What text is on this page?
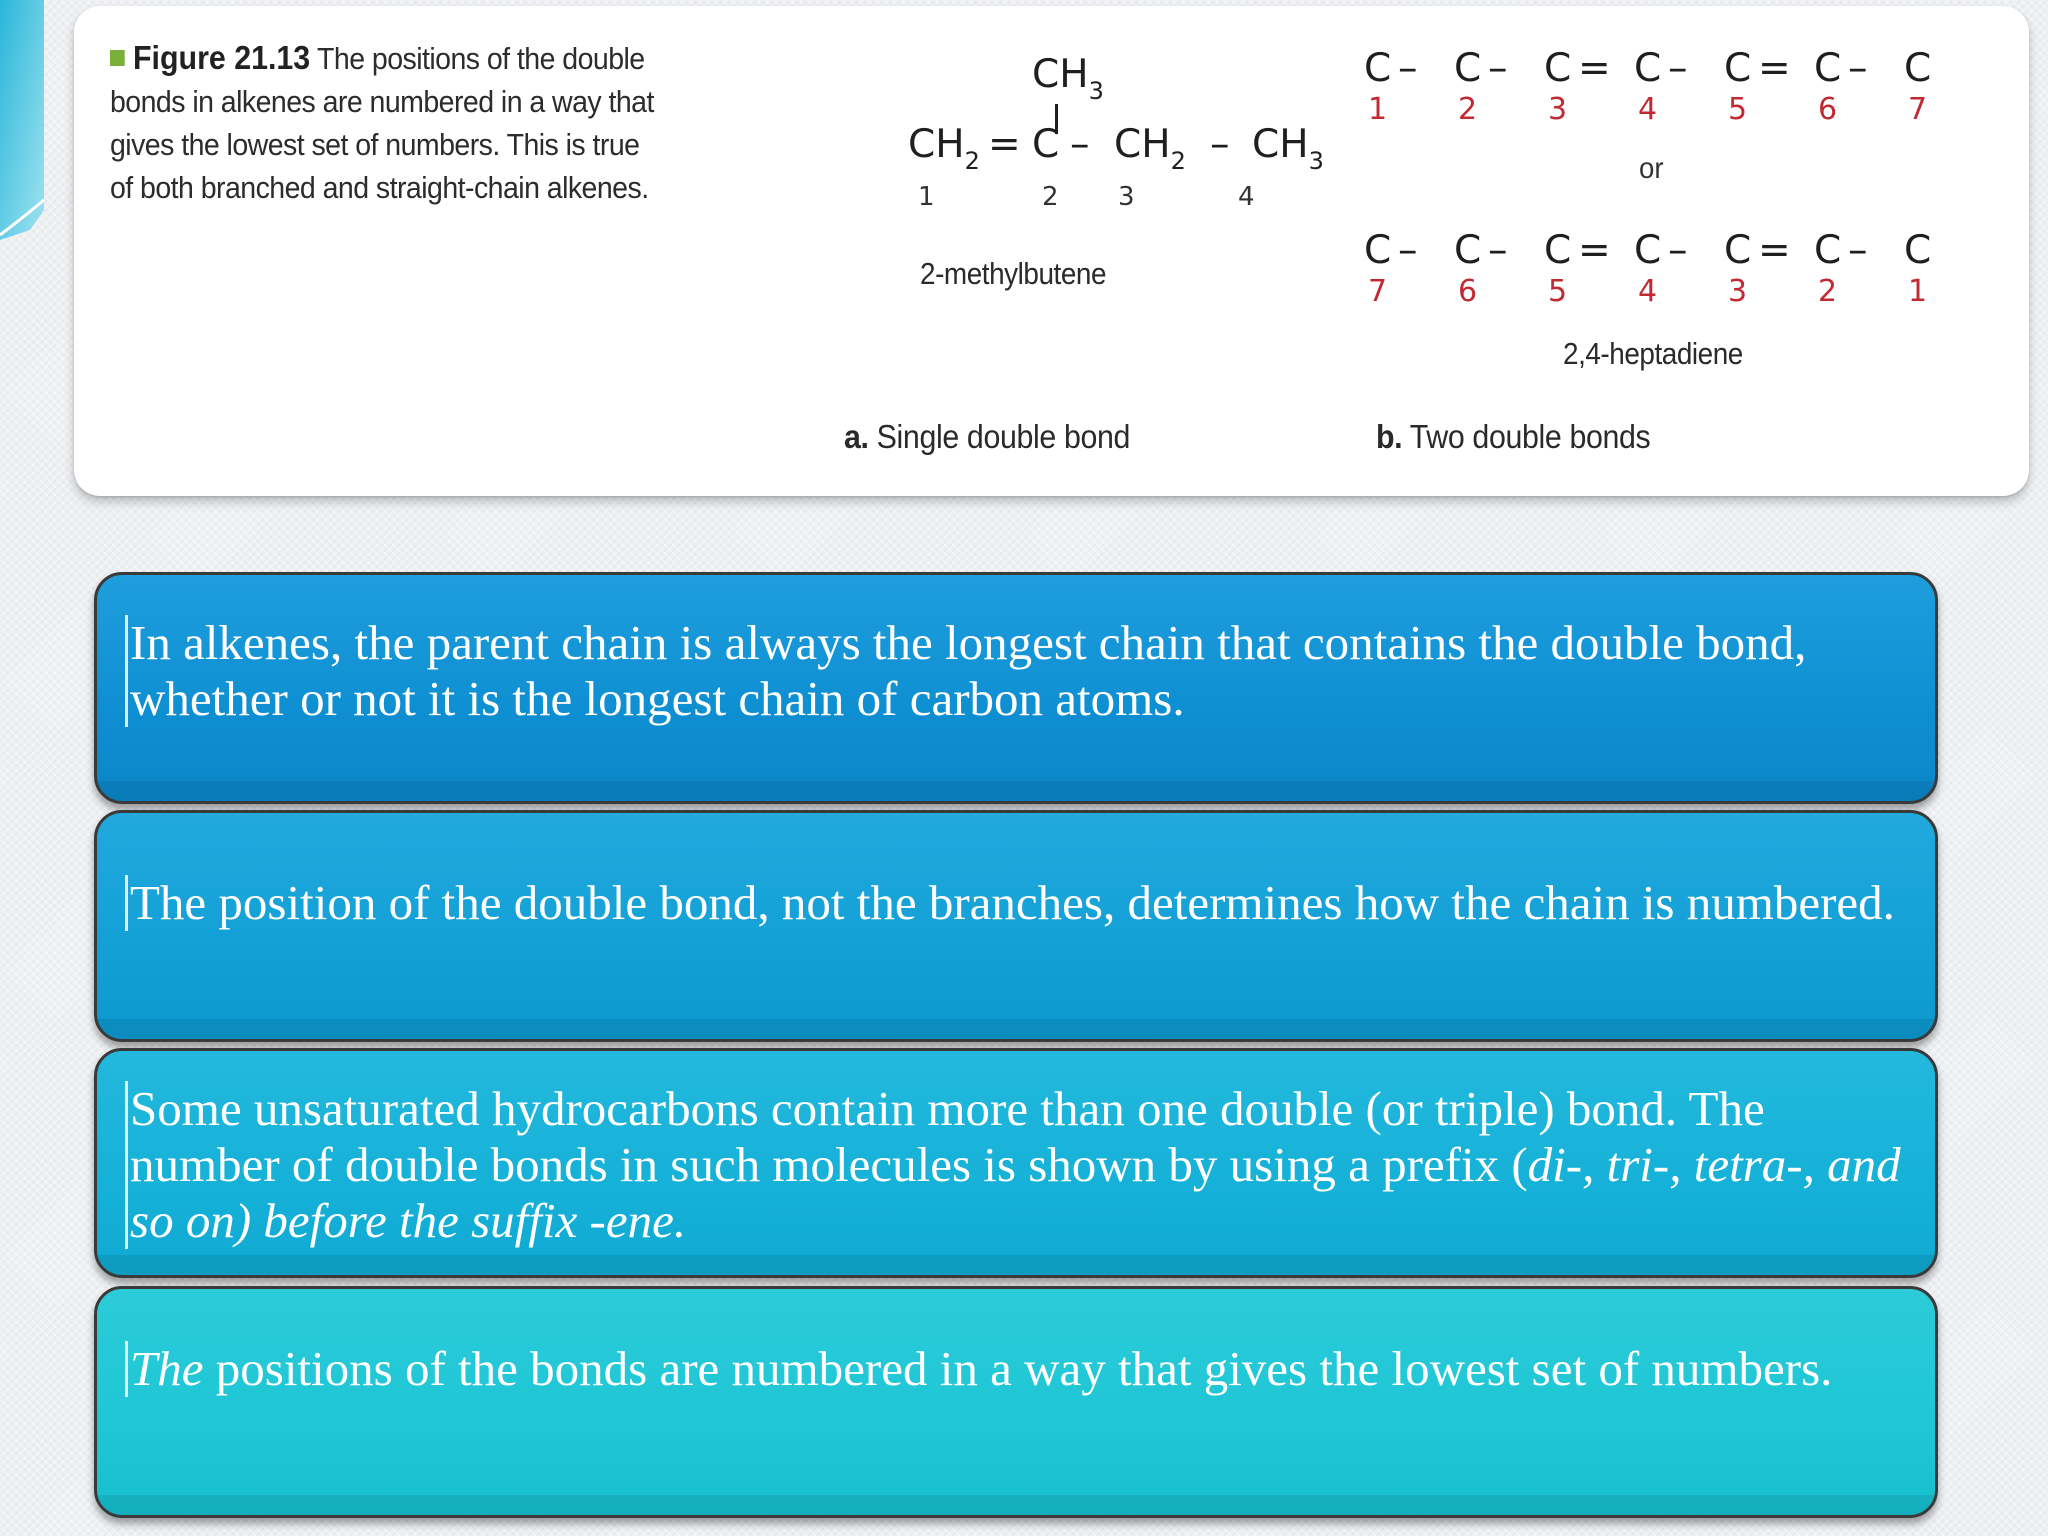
Figure 21.13 The positions of the double bonds in alkenes are numbered in a way that gives the lowest set of numbers. This is true of both branched and straight-chain alkenes.
$CH_3$
$CH_2 = C - CH_2 - CH_3$
1	2 3	4
2-methylbutene
a. Single double bond
C – C – C = C – C = C – C
1 2 3 4 5 6 7
or
C – C – C = C – C = C – C
7 6 5 4 3 2 1
2,4-heptadiene
b. Two double bonds
In alkenes, the parent chain is always the longest chain that contains the double bond, whether or not it is the longest chain of carbon atoms.
The position of the double bond, not the branches, determines how the chain is numbered.
Some unsaturated hydrocarbons contain more than one double (or triple) bond. The number of double bonds in such molecules is shown by using a prefix (di-, tri-, tetra-, and so on) before the suffix -ene.
The positions of the bonds are numbered in a way that gives the lowest set of numbers.
